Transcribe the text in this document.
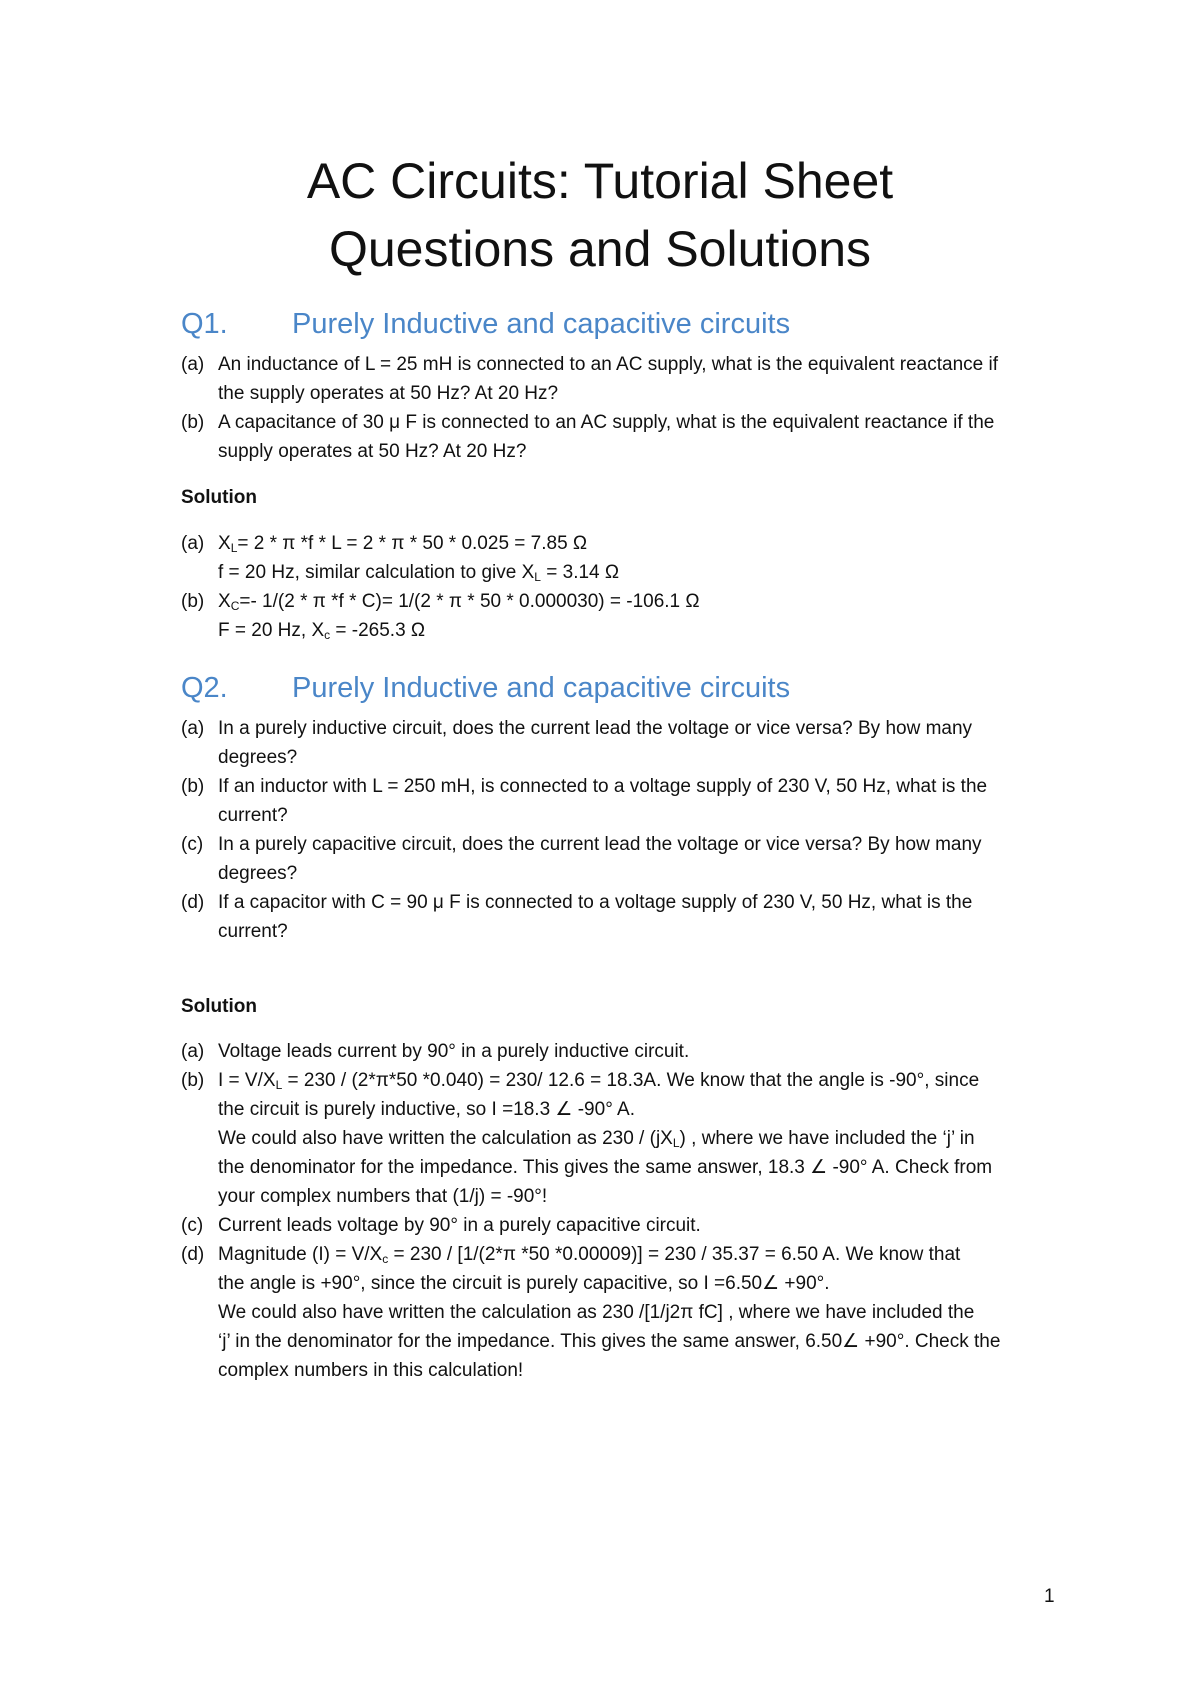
AC Circuits: Tutorial Sheet
Questions and Solutions
Q1. Purely Inductive and capacitive circuits
(a) An inductance of L = 25 mH is connected to an AC supply, what is the equivalent reactance if
the supply operates at 50 Hz? At 20 Hz?
(b) A capacitance of 30 μ F is connected to an AC supply, what is the equivalent reactance if the
supply operates at 50 Hz? At 20 Hz?
Solution
(a) $X_L= 2 * \pi$ *f * L = 2 * π * 50 * 0.025 = 7.85 Ω
f = 20 Hz, similar calculation to give $X_L = 3.14$ Ω
(b) $X_C=-$ 1/(2 * π *f * C)= 1/(2 * π * 50 * 0.000030) = -106.1 Ω
F = 20 Hz, $X_c = -265.3$ Ω
Q2. Purely Inductive and capacitive circuits
(a) In a purely inductive circuit, does the current lead the voltage or vice versa? By how many
degrees?
(b) If an inductor with L = 250 mH, is connected to a voltage supply of 230 V, 50 Hz, what is the
current?
(c) In a purely capacitive circuit, does the current lead the voltage or vice versa? By how many
degrees?
(d) If a capacitor with C = 90 μ F is connected to a voltage supply of 230 V, 50 Hz, what is the
current?
Solution
(a) Voltage leads current by 90° in a purely inductive circuit.
(b) $I = V/X_L = 230 / (2*\pi*50$ *0.040) = 230/ 12.6 = 18.3A. We know that the angle is -90°, since
the circuit is purely inductive, so I =18.3 ∠ -90° A.
We could also have written the calculation as $230 / (jX_L)$ , where we have included the ‘j’ in
the denominator for the impedance. This gives the same answer, 18.3 ∠ -90° A. Check from
your complex numbers that (1/j) = -90°!
(c) Current leads voltage by 90° in a purely capacitive circuit.
(d) Magnitude $(I) = V/X_c = 230 / [1/(2*\pi$ *50 *0.00009)] = 230 / 35.37 = 6.50 A. We know that
the angle is +90°, since the circuit is purely capacitive, so I =6.50∠ +90°.
We could also have written the calculation as 230 /[1/j2π fC] , where we have included the
‘j’ in the denominator for the impedance. This gives the same answer, 6.50∠ +90°. Check the
complex numbers in this calculation!
1
